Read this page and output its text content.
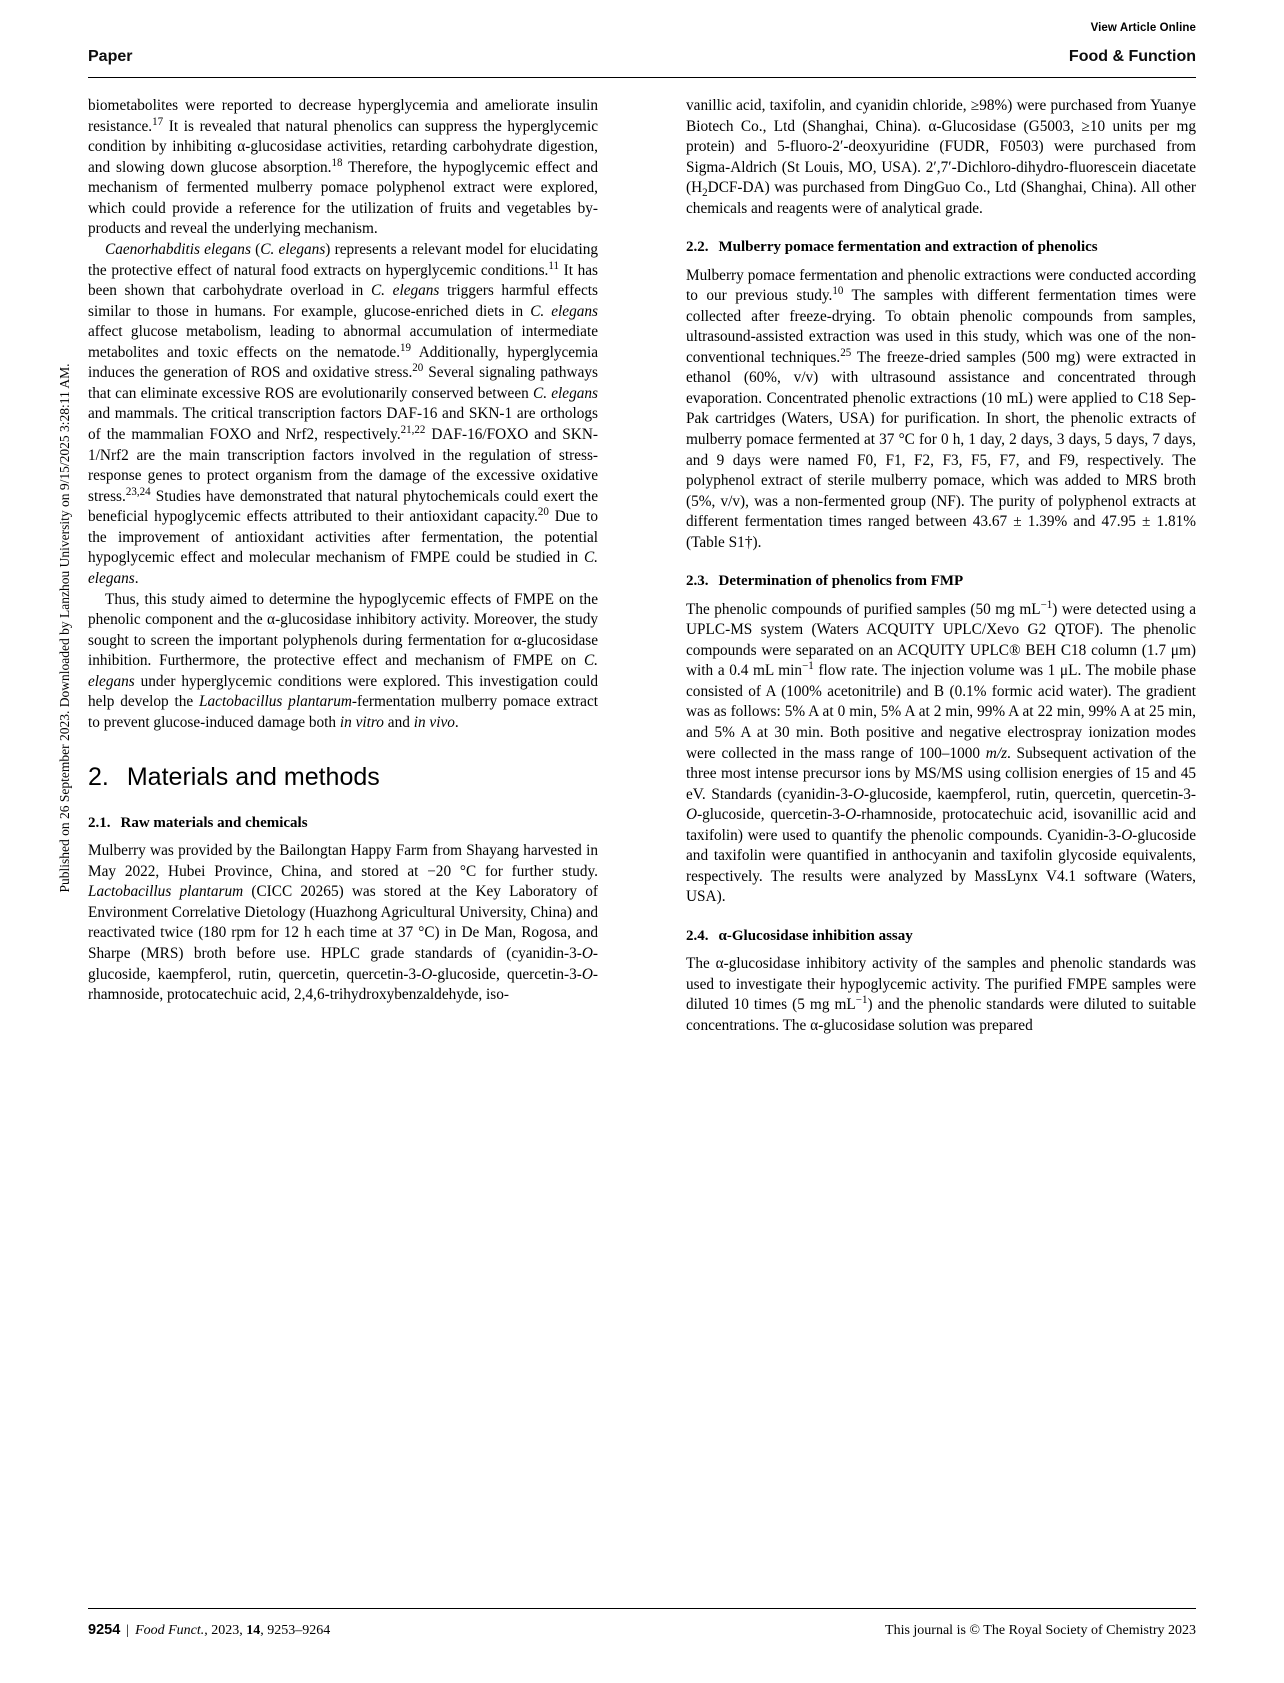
View Article Online
Paper	Food & Function
Published on 26 September 2023. Downloaded by Lanzhou University on 9/15/2025 3:28:11 AM.

biometabolites were reported to decrease hyperglycemia and ameliorate insulin resistance.$^{17}$ It is revealed that natural phenolics can suppress the hyperglycemic condition by inhibiting α-glucosidase activities, retarding carbohydrate digestion, and slowing down glucose absorption.$^{18}$ Therefore, the hypoglycemic effect and mechanism of fermented mulberry pomace polyphenol extract were explored, which could provide a reference for the utilization of fruits and vegetables by-products and reveal the underlying mechanism.

Caenorhabditis elegans (C. elegans) represents a relevant model for elucidating the protective effect of natural food extracts on hyperglycemic conditions.$^{11}$ It has been shown that carbohydrate overload in C. elegans triggers harmful effects similar to those in humans. For example, glucose-enriched diets in C. elegans affect glucose metabolism, leading to abnormal accumulation of intermediate metabolites and toxic effects on the nematode.$^{19}$ Additionally, hyperglycemia induces the generation of ROS and oxidative stress.$^{20}$ Several signaling pathways that can eliminate excessive ROS are evolutionarily conserved between C. elegans and mammals. The critical transcription factors DAF-16 and SKN-1 are orthologs of the mammalian FOXO and Nrf2, respectively.$^{21,22}$ DAF-16/FOXO and SKN-1/Nrf2 are the main transcription factors involved in the regulation of stress-response genes to protect organism from the damage of the excessive oxidative stress.$^{23,24}$ Studies have demonstrated that natural phytochemicals could exert the beneficial hypoglycemic effects attributed to their antioxidant capacity.$^{20}$ Due to the improvement of antioxidant activities after fermentation, the potential hypoglycemic effect and molecular mechanism of FMPE could be studied in C. elegans.

Thus, this study aimed to determine the hypoglycemic effects of FMPE on the phenolic component and the α-glucosidase inhibitory activity. Moreover, the study sought to screen the important polyphenols during fermentation for α-glucosidase inhibition. Furthermore, the protective effect and mechanism of FMPE on C. elegans under hyperglycemic conditions were explored. This investigation could help develop the Lactobacillus plantarum-fermentation mulberry pomace extract to prevent glucose-induced damage both in vitro and in vivo.

2. Materials and methods
2.1. Raw materials and chemicals

Mulberry was provided by the Bailongtan Happy Farm from Shayang harvested in May 2022, Hubei Province, China, and stored at −20 °C for further study. Lactobacillus plantarum (CICC 20265) was stored at the Key Laboratory of Environment Correlative Dietology (Huazhong Agricultural University, China) and reactivated twice (180 rpm for 12 h each time at 37 °C) in De Man, Rogosa, and Sharpe (MRS) broth before use. HPLC grade standards of (cyanidin-3-O-glucoside, kaempferol, rutin, quercetin, quercetin-3-O-glucoside, quercetin-3-O-rhamnoside, protocatechuic acid, 2,4,6-trihydroxybenzaldehyde, iso-

vanillic acid, taxifolin, and cyanidin chloride, ≥98%) were purchased from Yuanye Biotech Co., Ltd (Shanghai, China). α-Glucosidase (G5003, ≥10 units per mg protein) and 5-fluoro-2′-deoxyuridine (FUDR, F0503) were purchased from Sigma-Aldrich (St Louis, MO, USA). 2′,7′-Dichloro-dihydro-fluorescein diacetate $(H_2DCF-DA)$ was purchased from DingGuo Co., Ltd (Shanghai, China). All other chemicals and reagents were of analytical grade.

2.2. Mulberry pomace fermentation and extraction of phenolics

Mulberry pomace fermentation and phenolic extractions were conducted according to our previous study.$^{10}$ The samples with different fermentation times were collected after freeze-drying. To obtain phenolic compounds from samples, ultrasound-assisted extraction was used in this study, which was one of the non-conventional techniques.$^{25}$ The freeze-dried samples (500 mg) were extracted in ethanol (60%, v/v) with ultrasound assistance and concentrated through evaporation. Concentrated phenolic extractions (10 mL) were applied to C18 Sep-Pak cartridges (Waters, USA) for purification. In short, the phenolic extracts of mulberry pomace fermented at 37 °C for 0 h, 1 day, 2 days, 3 days, 5 days, 7 days, and 9 days were named F0, F1, F2, F3, F5, F7, and F9, respectively. The polyphenol extract of sterile mulberry pomace, which was added to MRS broth (5%, v/v), was a non-fermented group (NF). The purity of polyphenol extracts at different fermentation times ranged between 43.67 ± 1.39% and 47.95 ± 1.81% (Table S1†).

2.3. Determination of phenolics from FMP

The phenolic compounds of purified samples (50 mg $mL^{-1}$) were detected using a UPLC-MS system (Waters ACQUITY UPLC/Xevo G2 QTOF). The phenolic compounds were separated on an ACQUITY UPLC® BEH C18 column (1.7 μm) with a 0.4 mL $\min^{-1}$ flow rate. The injection volume was 1 μL. The mobile phase consisted of A (100% acetonitrile) and B (0.1% formic acid water). The gradient was as follows: 5% A at 0 min, 5% A at 2 min, 99% A at 22 min, 99% A at 25 min, and 5% A at 30 min. Both positive and negative electrospray ionization modes were collected in the mass range of 100–1000 m/z. Subsequent activation of the three most intense precursor ions by MS/MS using collision energies of 15 and 45 eV. Standards (cyanidin-3-O-glucoside, kaempferol, rutin, quercetin, quercetin-3-O-glucoside, quercetin-3-O-rhamnoside, protocatechuic acid, isovanillic acid and taxifolin) were used to quantify the phenolic compounds. Cyanidin-3-O-glucoside and taxifolin were quantified in anthocyanin and taxifolin glycoside equivalents, respectively. The results were analyzed by MassLynx V4.1 software (Waters, USA).

2.4. α-Glucosidase inhibition assay

The α-glucosidase inhibitory activity of the samples and phenolic standards was used to investigate their hypoglycemic activity. The purified FMPE samples were diluted 10 times (5 mg $mL^{-1}$) and the phenolic standards were diluted to suitable concentrations. The α-glucosidase solution was prepared

9254 | Food Funct., 2023, 14, 9253–9264	This journal is © The Royal Society of Chemistry 2023
